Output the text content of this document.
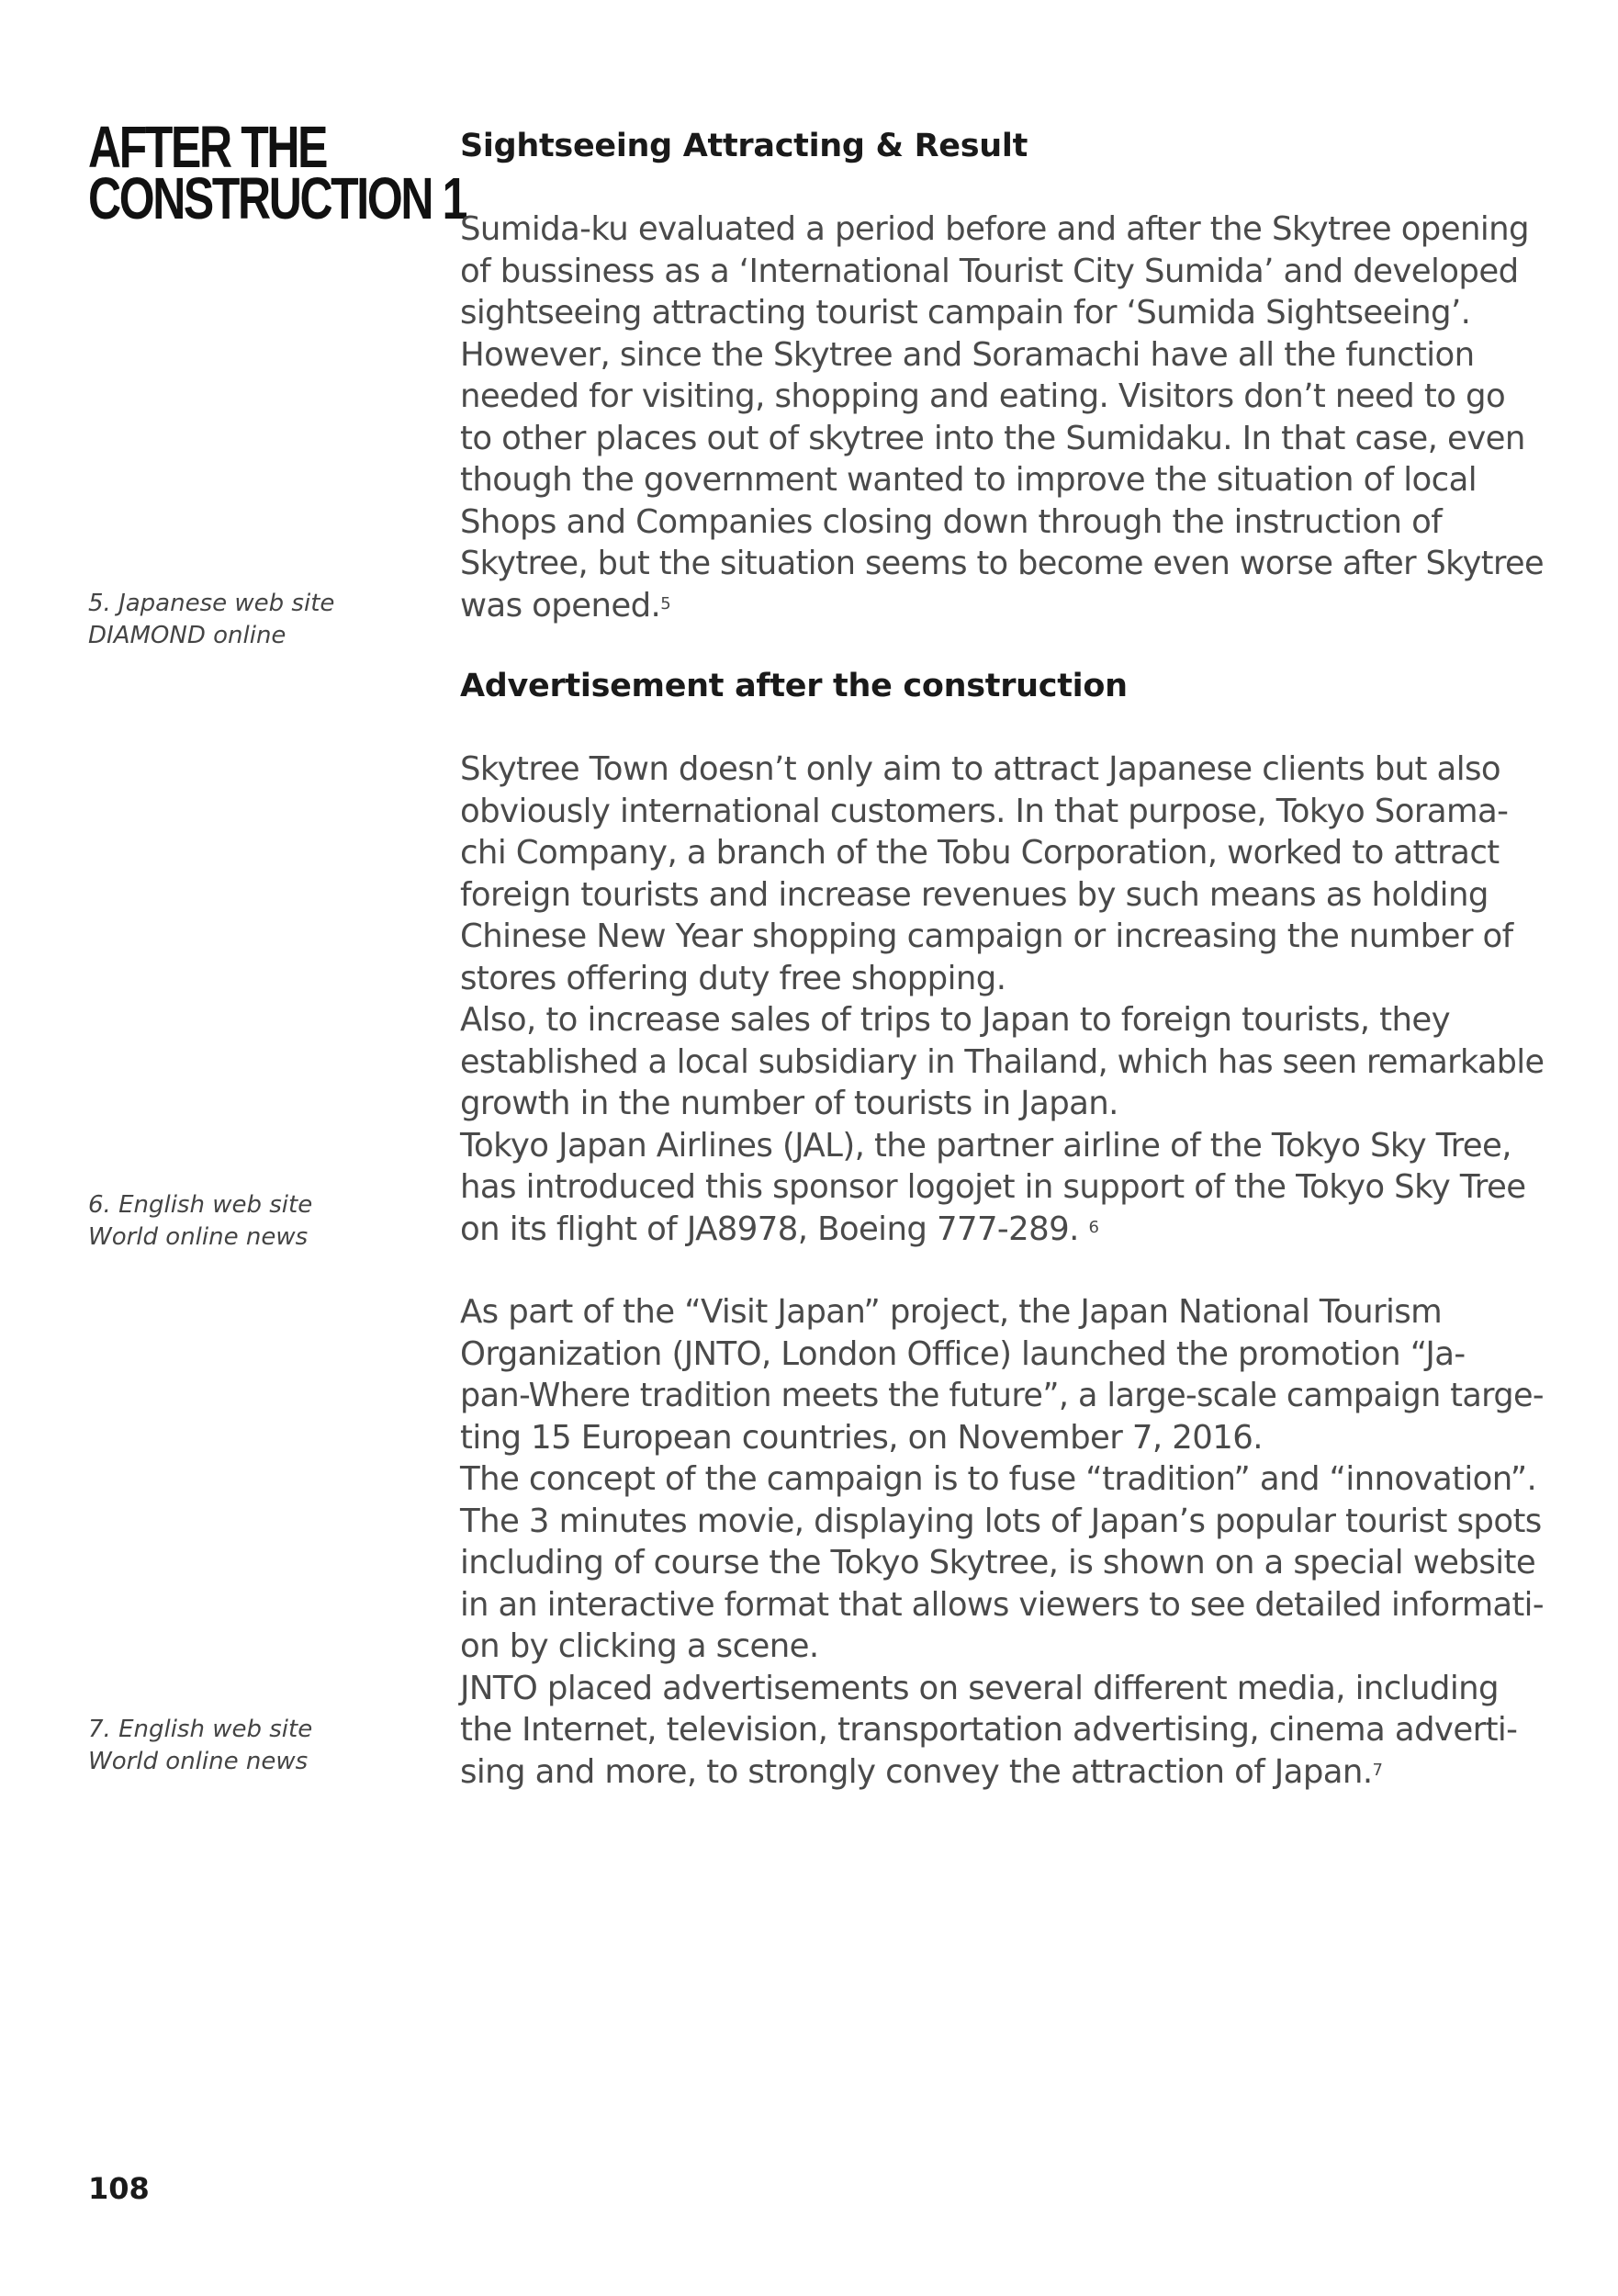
AFTER THE
CONSTRUCTION 1

5. Japanese web site
DIAMOND online

6. English web site
World online news

7. English web site
World online news

Sightseeing Attracting & Result

Sumida-ku evaluated a period before and after the Skytree opening
of bussiness as a ‘International Tourist City Sumida’ and developed
sightseeing attracting tourist campain for ‘Sumida Sightseeing’.
However, since the Skytree and Soramachi have all the function
needed for visiting, shopping and eating. Visitors don’t need to go
to other places out of skytree into the Sumidaku. In that case, even
though the government wanted to improve the situation of local
Shops and Companies closing down through the instruction of
Skytree, but the situation seems to become even worse after Skytree
was opened.$^5$

Advertisement after the construction

Skytree Town doesn’t only aim to attract Japanese clients but also
obviously international customers. In that purpose, Tokyo Sorama-
chi Company, a branch of the Tobu Corporation, worked to attract
foreign tourists and increase revenues by such means as holding
Chinese New Year shopping campaign or increasing the number of
stores offering duty free shopping.
Also, to increase sales of trips to Japan to foreign tourists, they
established a local subsidiary in Thailand, which has seen remarkable
growth in the number of tourists in Japan.
Tokyo Japan Airlines (JAL), the partner airline of the Tokyo Sky Tree,
has introduced this sponsor logojet in support of the Tokyo Sky Tree
on its flight of JA8978, Boeing 777-289. $^6$

As part of the “Visit Japan” project, the Japan National Tourism
Organization (JNTO, London Office) launched the promotion “Ja-
pan-Where tradition meets the future”, a large-scale campaign targe-
ting 15 European countries, on November 7, 2016.
The concept of the campaign is to fuse “tradition” and “innovation”.
The 3 minutes movie, displaying lots of Japan’s popular tourist spots
including of course the Tokyo Skytree, is shown on a special website
in an interactive format that allows viewers to see detailed informati-
on by clicking a scene.
JNTO placed advertisements on several different media, including
the Internet, television, transportation advertising, cinema adverti-
sing and more, to strongly convey the attraction of Japan.$^7$

108
